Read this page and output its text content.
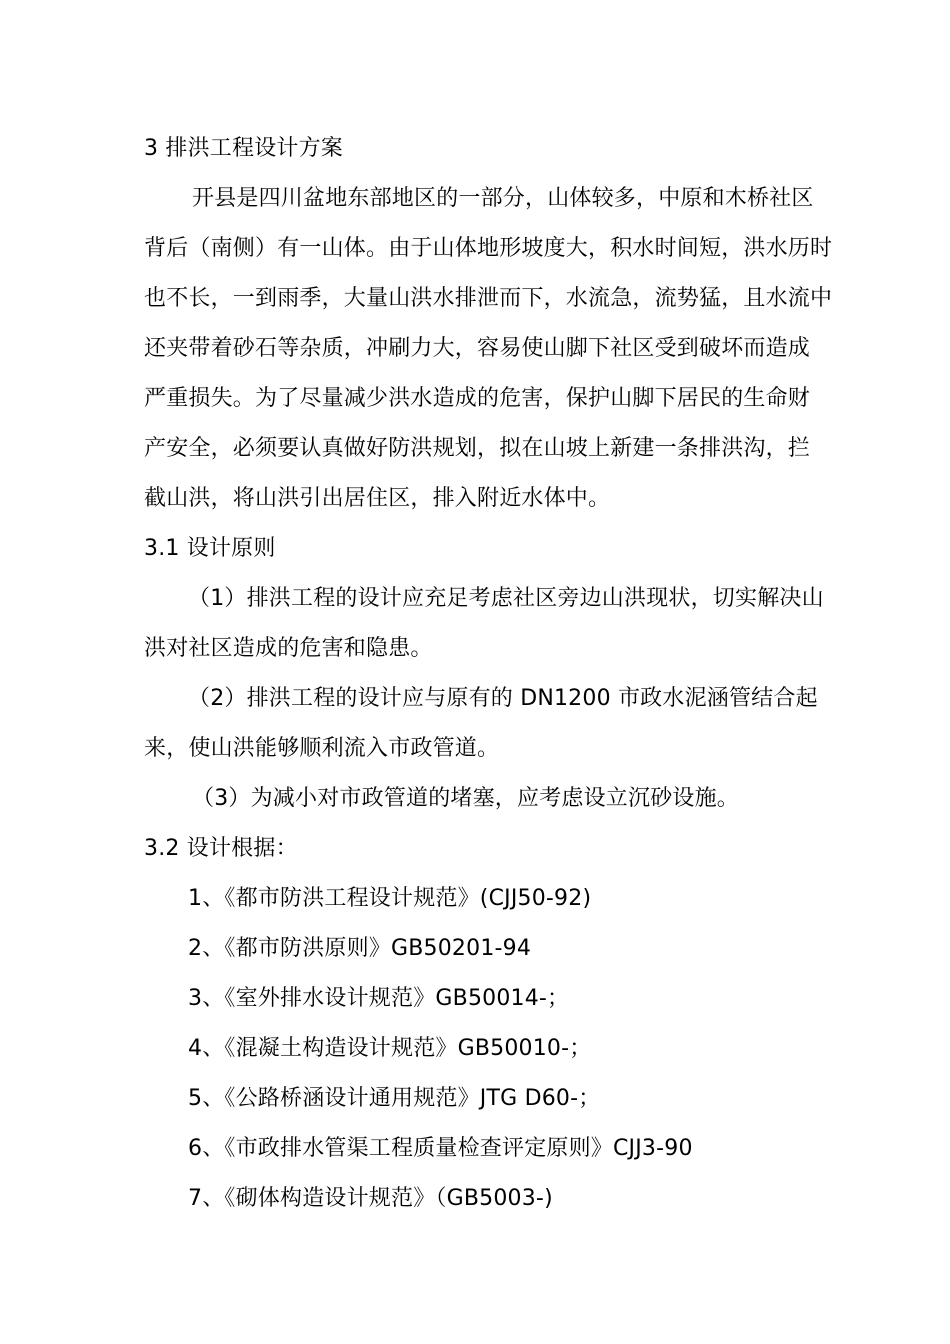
3 排洪工程设计方案
开县是四川盆地东部地区的一部分，山体较多，中原和木桥社区
背后（南侧）有一山体。由于山体地形坡度大，积水时间短，洪水历时
也不长，一到雨季，大量山洪水排泄而下，水流急，流势猛，且水流中
还夹带着砂石等杂质，冲刷力大，容易使山脚下社区受到破坏而造成
严重损失。为了尽量减少洪水造成的危害，保护山脚下居民的生命财
产安全，必须要认真做好防洪规划，拟在山坡上新建一条排洪沟，拦
截山洪，将山洪引出居住区，排入附近水体中。
3.1 设计原则
（1）排洪工程的设计应充足考虑社区旁边山洪现状，切实解决山
洪对社区造成的危害和隐患。
（2）排洪工程的设计应与原有的 DN1200 市政水泥涵管结合起
来，使山洪能够顺利流入市政管道。
（3）为减小对市政管道的堵塞，应考虑设立沉砂设施。
3.2 设计根据：
1、《都市防洪工程设计规范》(CJJ50-92)
2、《都市防洪原则》GB50201-94
3、《室外排水设计规范》GB50014-；
4、《混凝土构造设计规范》GB50010-；
5、《公路桥涵设计通用规范》JTG D60-；
6、《市政排水管渠工程质量检查评定原则》CJJ3-90
7、《砌体构造设计规范》（GB5003-)
